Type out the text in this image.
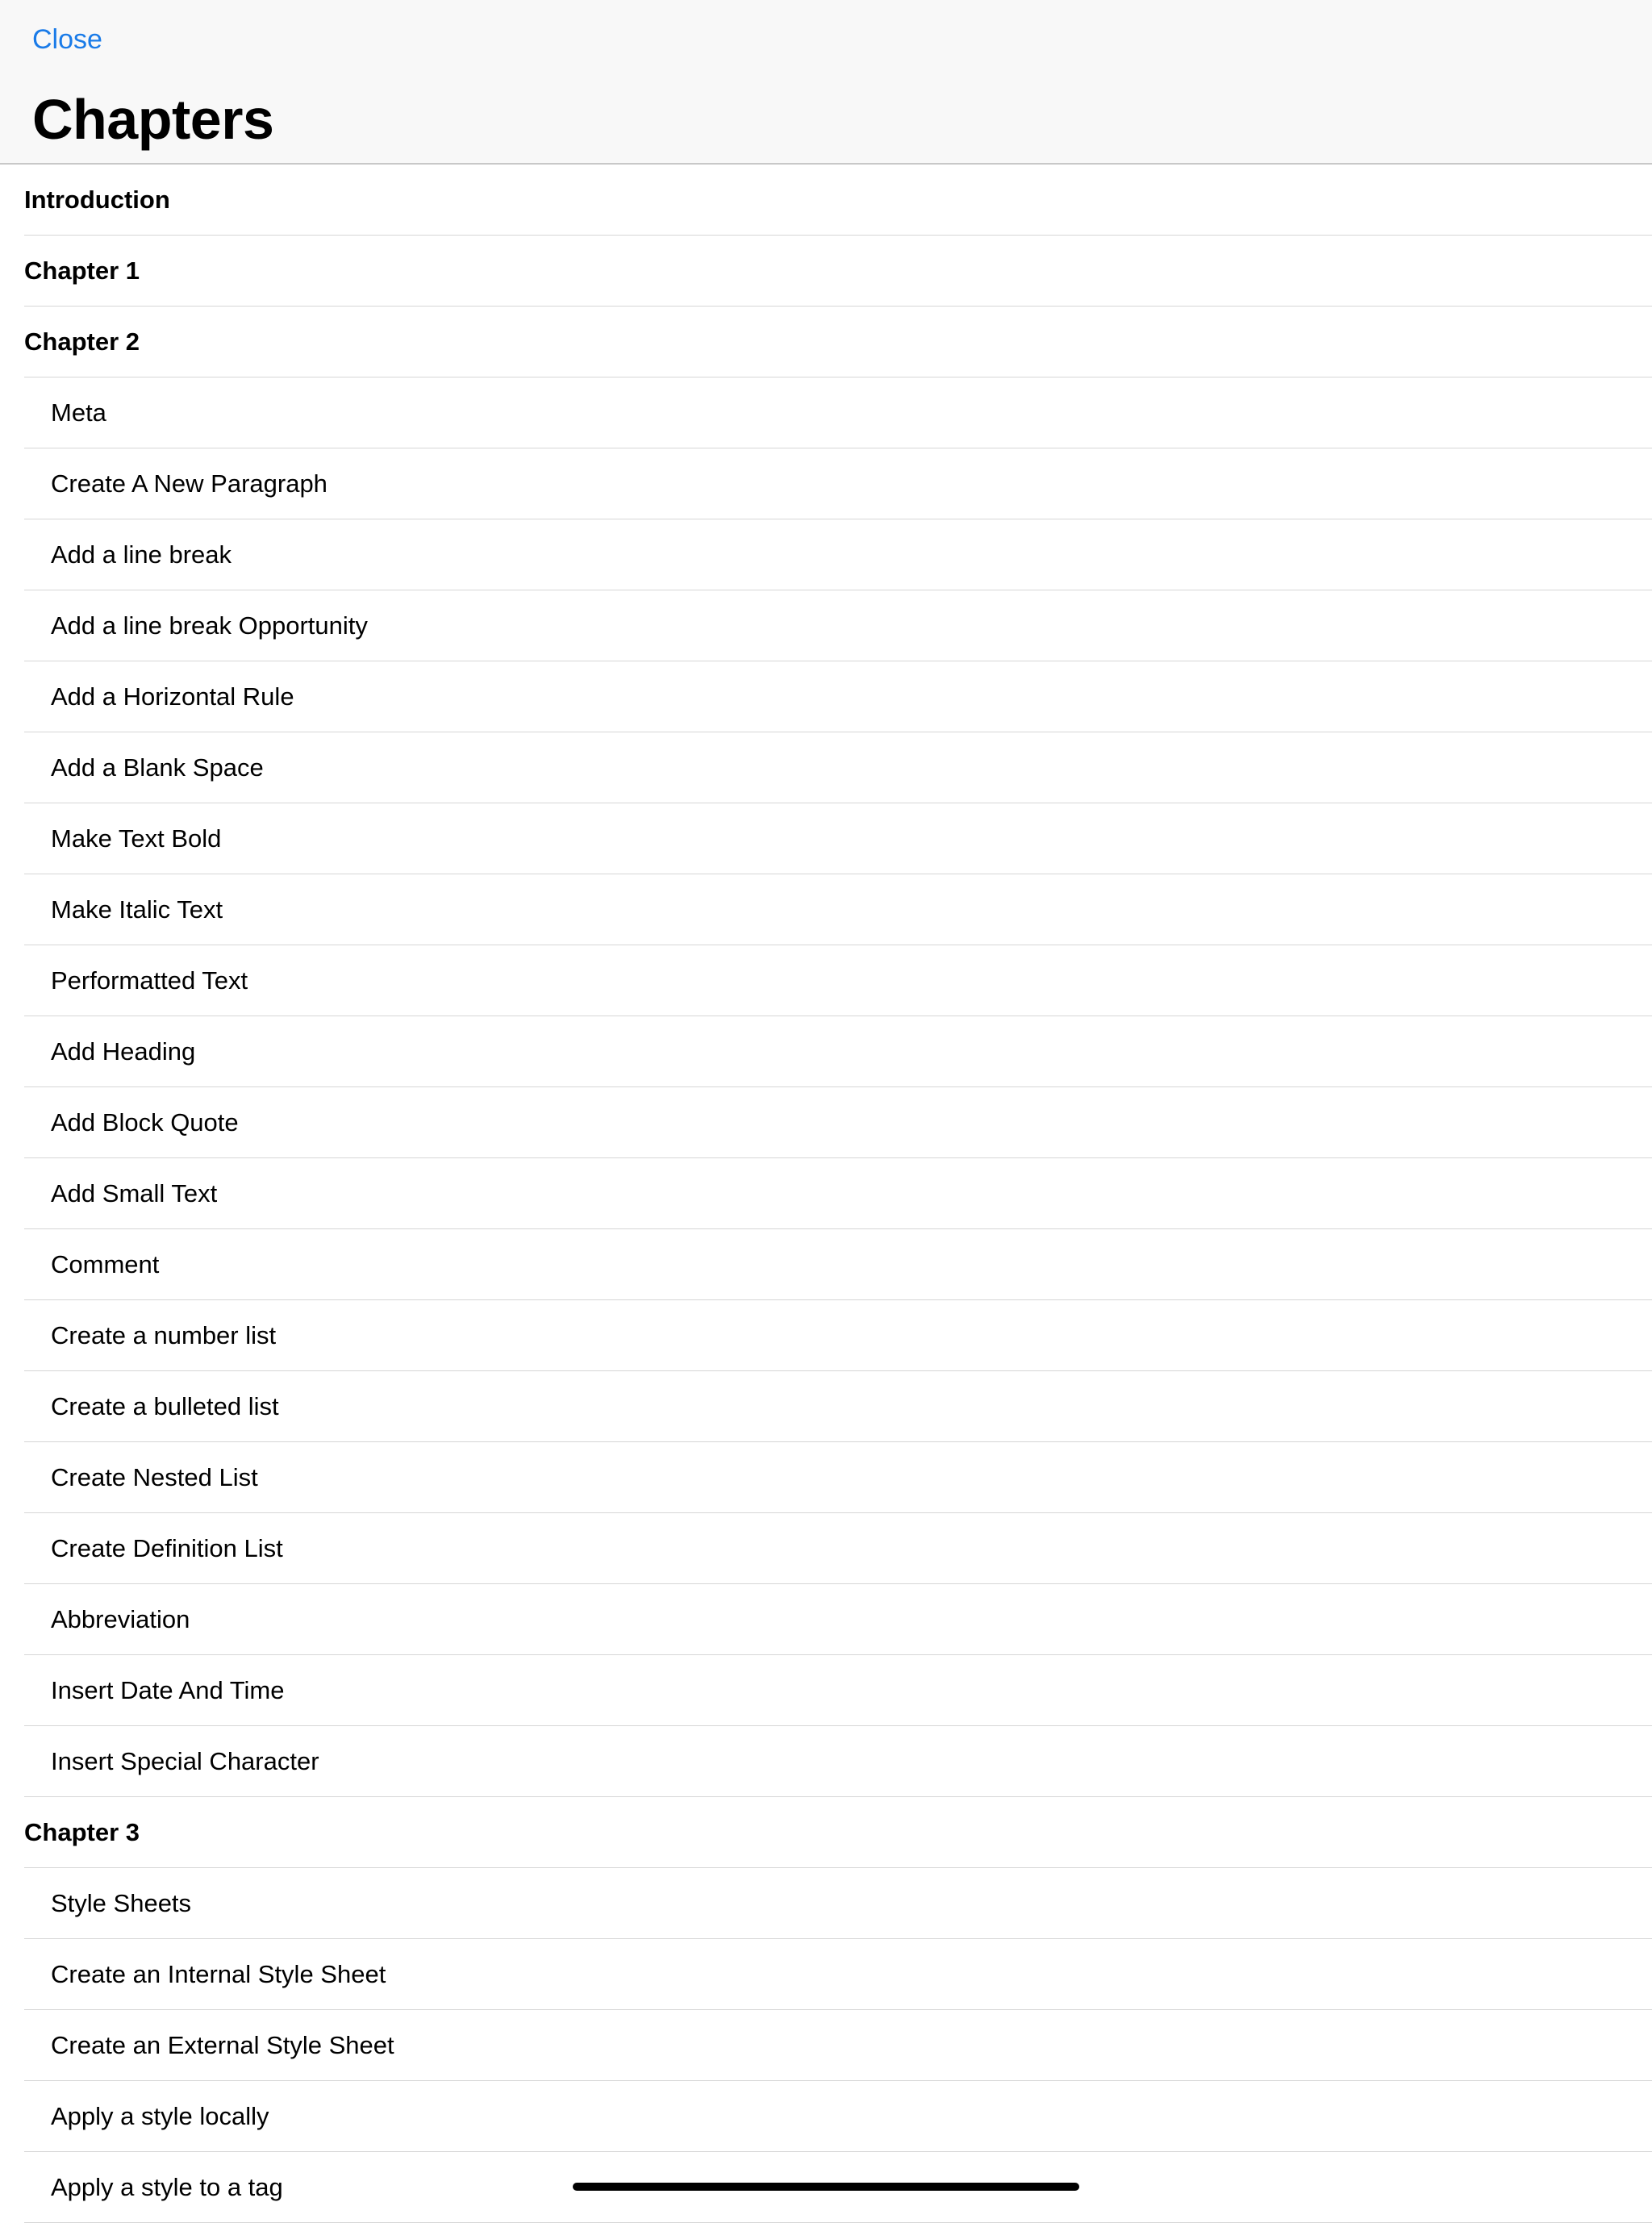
Close
Chapters
Introduction
Chapter 1
Chapter 2
Meta
Create A New Paragraph
Add a line break
Add a line break Opportunity
Add a Horizontal Rule
Add a Blank Space
Make Text Bold
Make Italic Text
Performatted Text
Add Heading
Add Block Quote
Add Small Text
Comment
Create a number list
Create a bulleted list
Create Nested List
Create Definition List
Abbreviation
Insert Date And Time
Insert Special Character
Chapter 3
Style Sheets
Create an Internal Style Sheet
Create an External Style Sheet
Apply a style locally
Apply a style to a tag
